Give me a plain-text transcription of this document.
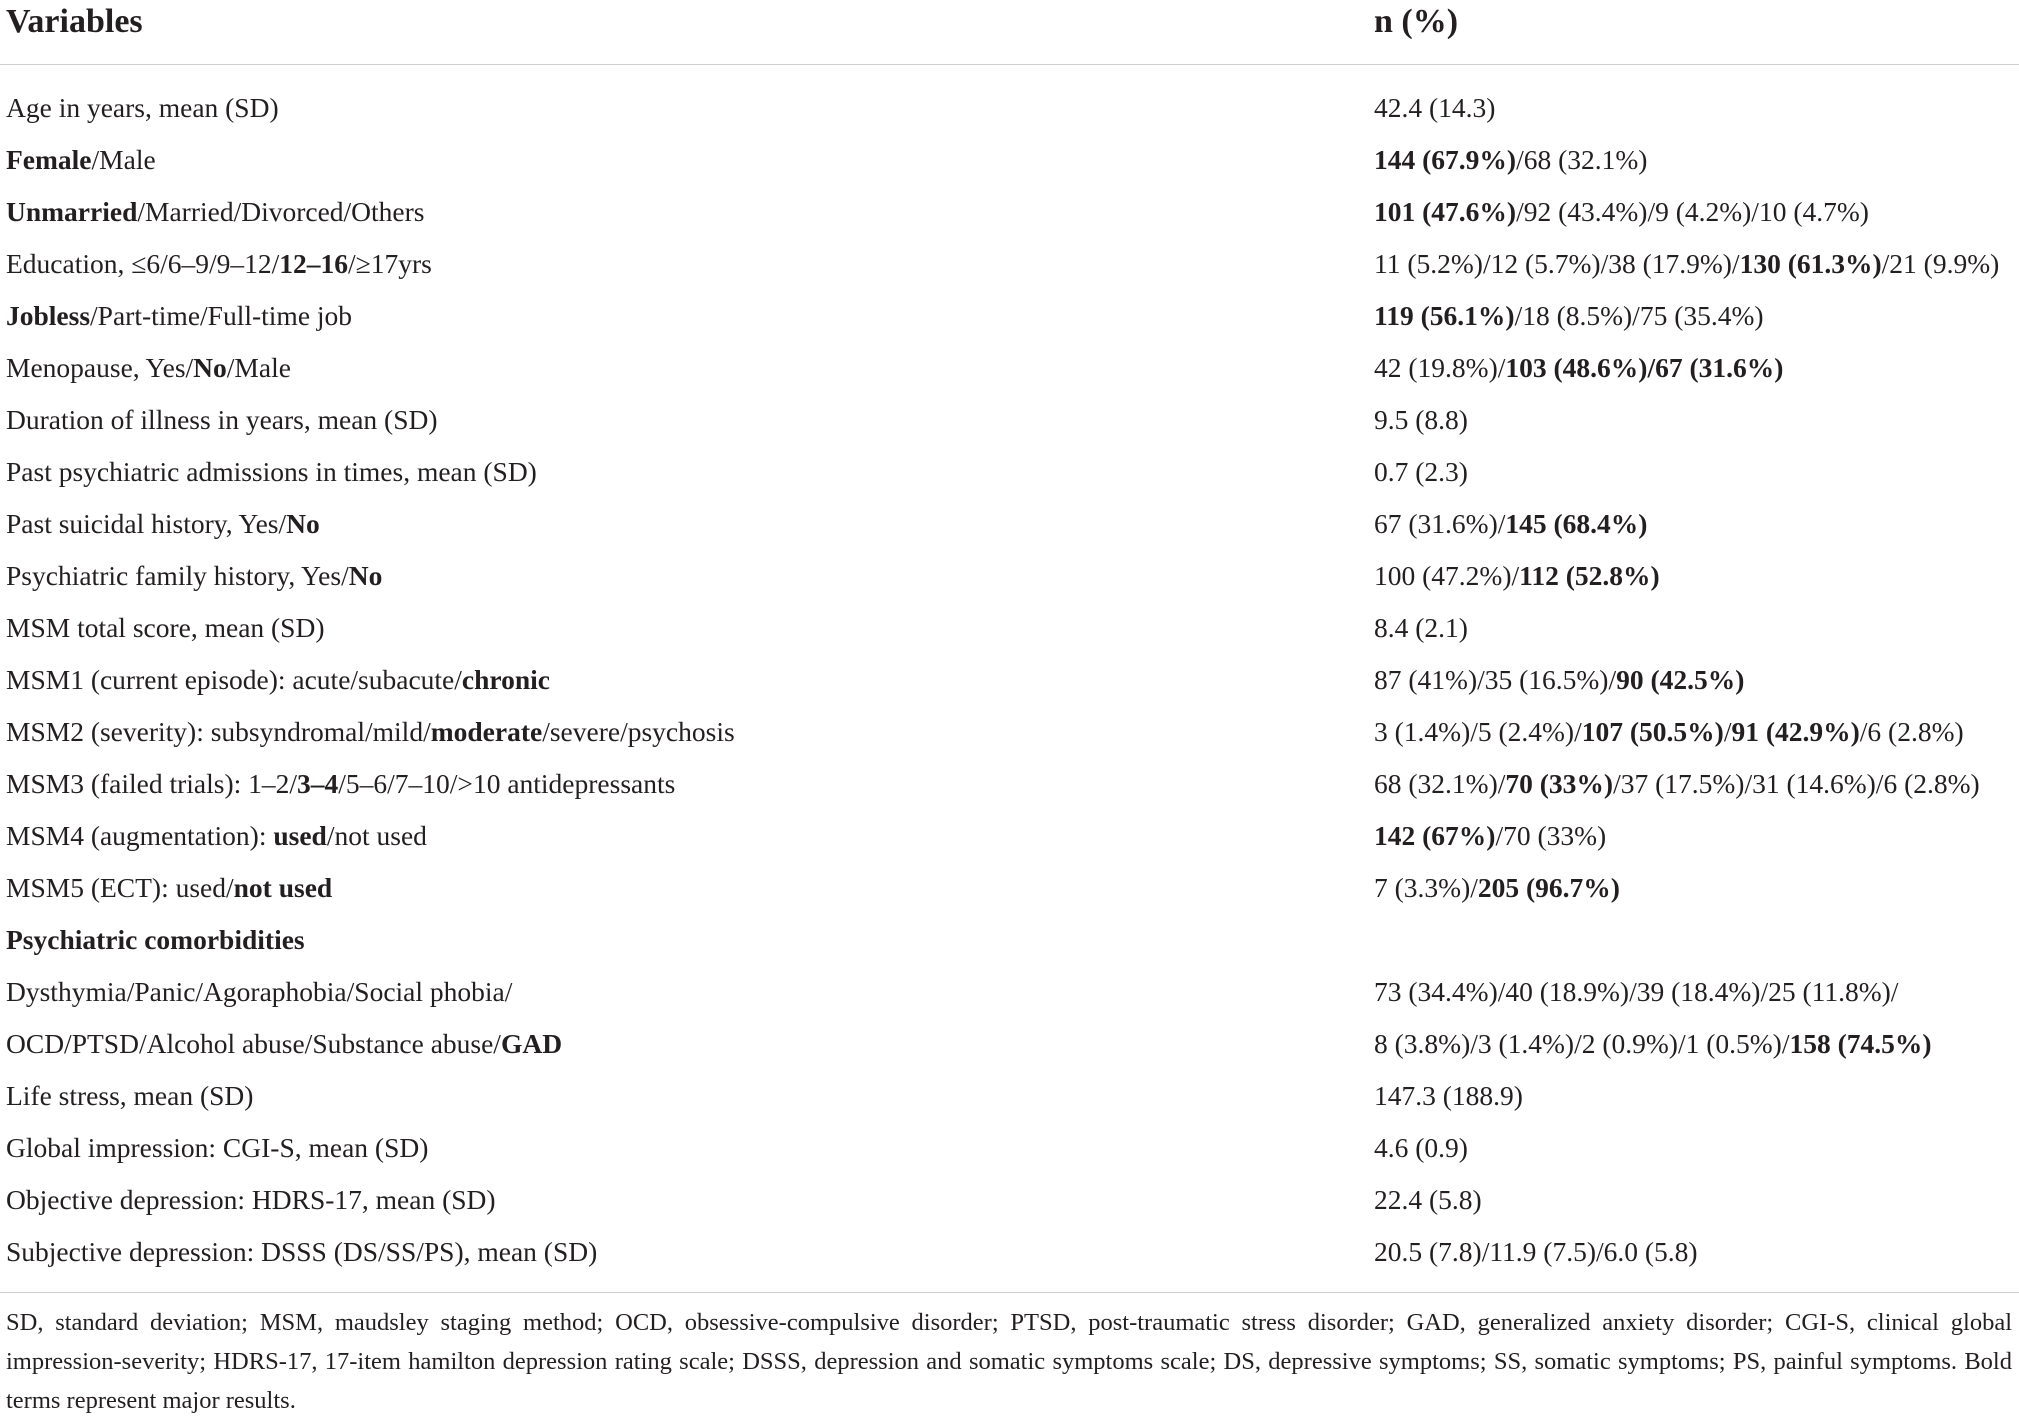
Variables	n (%)
Age in years, mean (SD)	42.4 (14.3)
Female/Male	144 (67.9%)/68 (32.1%)
Unmarried/Married/Divorced/Others	101 (47.6%)/92 (43.4%)/9 (4.2%)/10 (4.7%)
Education, ≤6/6–9/9–12/12–16/≥17yrs	11 (5.2%)/12 (5.7%)/38 (17.9%)/130 (61.3%)/21 (9.9%)
Jobless/Part-time/Full-time job	119 (56.1%)/18 (8.5%)/75 (35.4%)
Menopause, Yes/No/Male	42 (19.8%)/103 (48.6%)/67 (31.6%)
Duration of illness in years, mean (SD)	9.5 (8.8)
Past psychiatric admissions in times, mean (SD)	0.7 (2.3)
Past suicidal history, Yes/No	67 (31.6%)/145 (68.4%)
Psychiatric family history, Yes/No	100 (47.2%)/112 (52.8%)
MSM total score, mean (SD)	8.4 (2.1)
MSM1 (current episode): acute/subacute/chronic	87 (41%)/35 (16.5%)/90 (42.5%)
MSM2 (severity): subsyndromal/mild/moderate/severe/psychosis	3 (1.4%)/5 (2.4%)/107 (50.5%)/91 (42.9%)/6 (2.8%)
MSM3 (failed trials): 1–2/3–4/5–6/7–10/>10 antidepressants	68 (32.1%)/70 (33%)/37 (17.5%)/31 (14.6%)/6 (2.8%)
MSM4 (augmentation): used/not used	142 (67%)/70 (33%)
MSM5 (ECT): used/not used	7 (3.3%)/205 (96.7%)
Psychiatric comorbidities
Dysthymia/Panic/Agoraphobia/Social phobia/	73 (34.4%)/40 (18.9%)/39 (18.4%)/25 (11.8%)/
OCD/PTSD/Alcohol abuse/Substance abuse/GAD	8 (3.8%)/3 (1.4%)/2 (0.9%)/1 (0.5%)/158 (74.5%)
Life stress, mean (SD)	147.3 (188.9)
Global impression: CGI-S, mean (SD)	4.6 (0.9)
Objective depression: HDRS-17, mean (SD)	22.4 (5.8)
Subjective depression: DSSS (DS/SS/PS), mean (SD)	20.5 (7.8)/11.9 (7.5)/6.0 (5.8)
SD, standard deviation; MSM, maudsley staging method; OCD, obsessive-compulsive disorder; PTSD, post-traumatic stress disorder; GAD, generalized anxiety disorder; CGI-S, clinical global impression-severity; HDRS-17, 17-item hamilton depression rating scale; DSSS, depression and somatic symptoms scale; DS, depressive symptoms; SS, somatic symptoms; PS, painful symptoms. Bold terms represent major results.
